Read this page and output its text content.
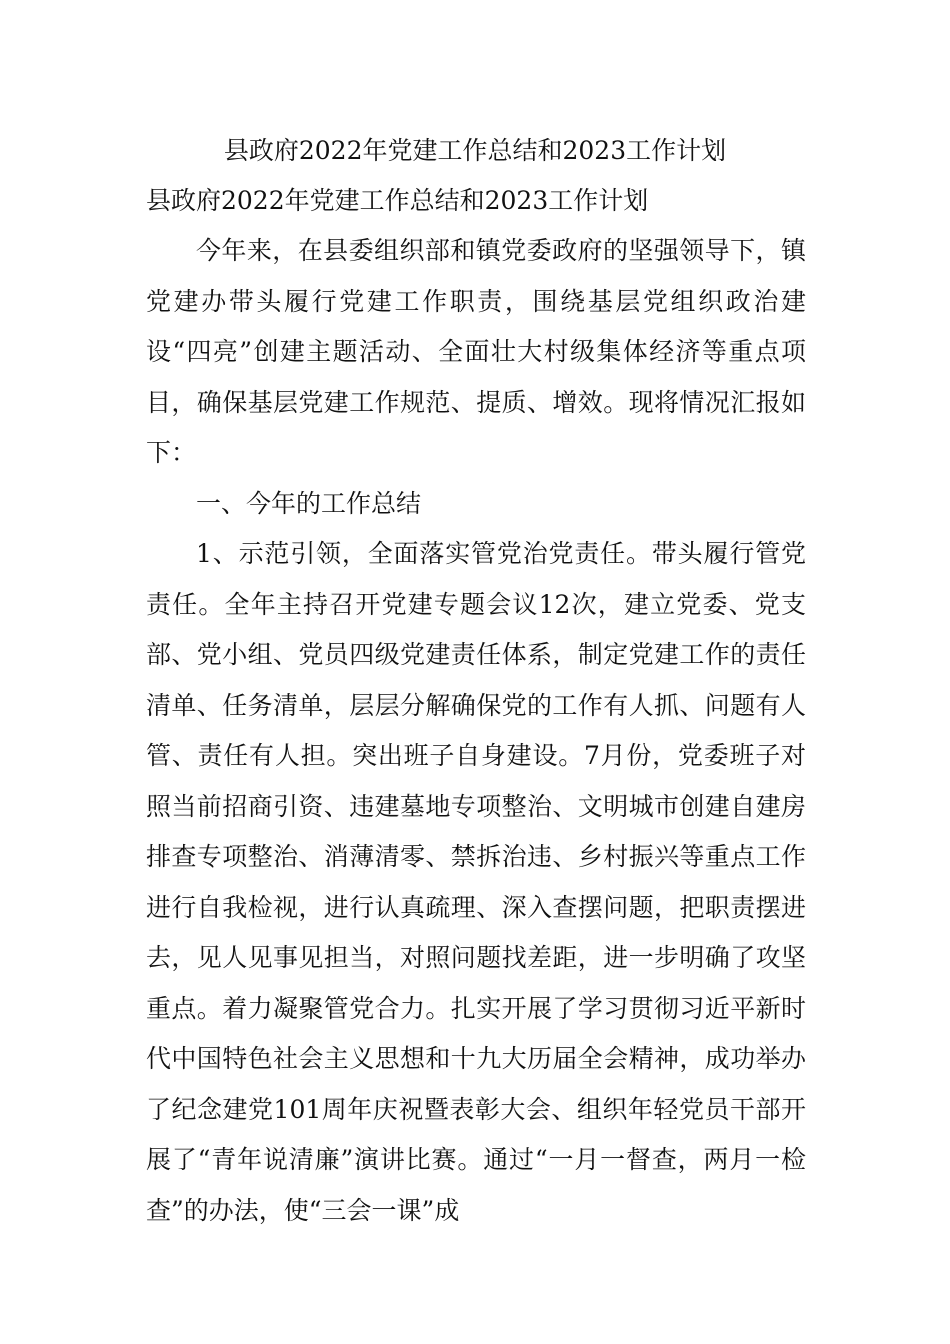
县政府2022年党建工作总结和2023工作计划
县政府2022年党建工作总结和2023工作计划

今年来，在县委组织部和镇党委政府的坚强领导下，镇党建办带头履行党建工作职责，围绕基层党组织政治建设“四亮”创建主题活动、全面壮大村级集体经济等重点项目，确保基层党建工作规范、提质、增效。现将情况汇报如下：

一、今年的工作总结

1、示范引领，全面落实管党治党责任。带头履行管党责任。全年主持召开党建专题会议12次，建立党委、党支部、党小组、党员四级党建责任体系，制定党建工作的责任清单、任务清单，层层分解确保党的工作有人抓、问题有人管、责任有人担。突出班子自身建设。7月份，党委班子对照当前招商引资、违建墓地专项整治、文明城市创建自建房排查专项整治、消薄清零、禁拆治违、乡村振兴等重点工作进行自我检视，进行认真疏理、深入查摆问题，把职责摆进去，见人见事见担当，对照问题找差距，进一步明确了攻坚重点。着力凝聚管党合力。扎实开展了学习贯彻习近平新时代中国特色社会主义思想和十九大历届全会精神，成功举办了纪念建党101周年庆祝暨表彰大会、组织年轻党员干部开展了“青年说清廉”演讲比赛。通过“一月一督查，两月一检查”的办法，使“三会一课”成
